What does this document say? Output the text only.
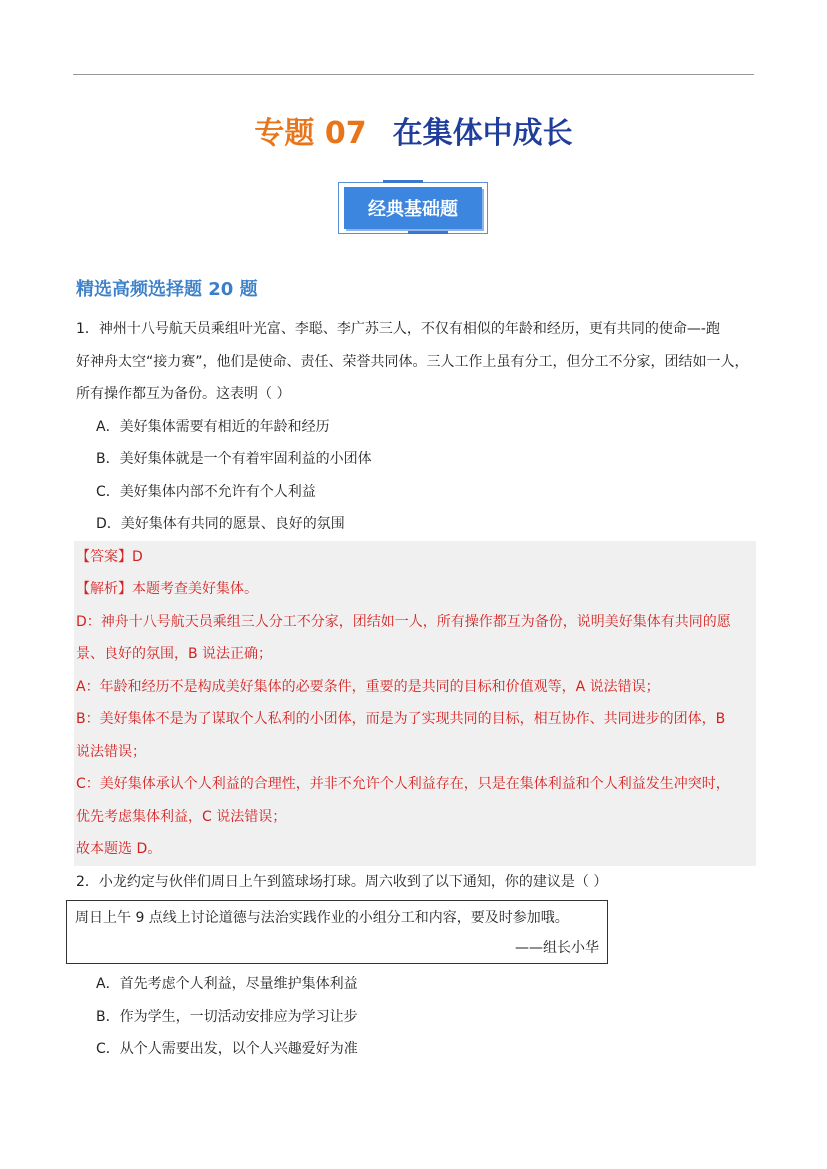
专题 07 在集体中成长
经典基础题
精选高频选择题 20 题
1．神州十八号航天员乘组叶光富、李聪、李广苏三人，不仅有相似的年龄和经历，更有共同的使命—-跑
好神舟太空“接力赛”，他们是使命、责任、荣誉共同体。三人工作上虽有分工，但分工不分家，团结如一人，
所有操作都互为备份。这表明（ ）
A．美好集体需要有相近的年龄和经历
B．美好集体就是一个有着牢固利益的小团体
C．美好集体内部不允许有个人利益
D．美好集体有共同的愿景、良好的氛围
【答案】D
【解析】本题考查美好集体。
D：神舟十八号航天员乘组三人分工不分家，团结如一人，所有操作都互为备份，说明美好集体有共同的愿
景、良好的氛围，B 说法正确；
A：年龄和经历不是构成美好集体的必要条件，重要的是共同的目标和价值观等，A 说法错误；
B：美好集体不是为了谋取个人私利的小团体，而是为了实现共同的目标，相互协作、共同进步的团体，B
说法错误；
C：美好集体承认个人利益的合理性，并非不允许个人利益存在，只是在集体利益和个人利益发生冲突时，
优先考虑集体利益，C 说法错误；
故本题选 D。
2．小龙约定与伙伴们周日上午到篮球场打球。周六收到了以下通知，你的建议是（ ）
周日上午 9 点线上讨论道德与法治实践作业的小组分工和内容，要及时参加哦。
——组长小华
A．首先考虑个人利益，尽量维护集体利益
B．作为学生，一切活动安排应为学习让步
C．从个人需要出发，以个人兴趣爱好为准
